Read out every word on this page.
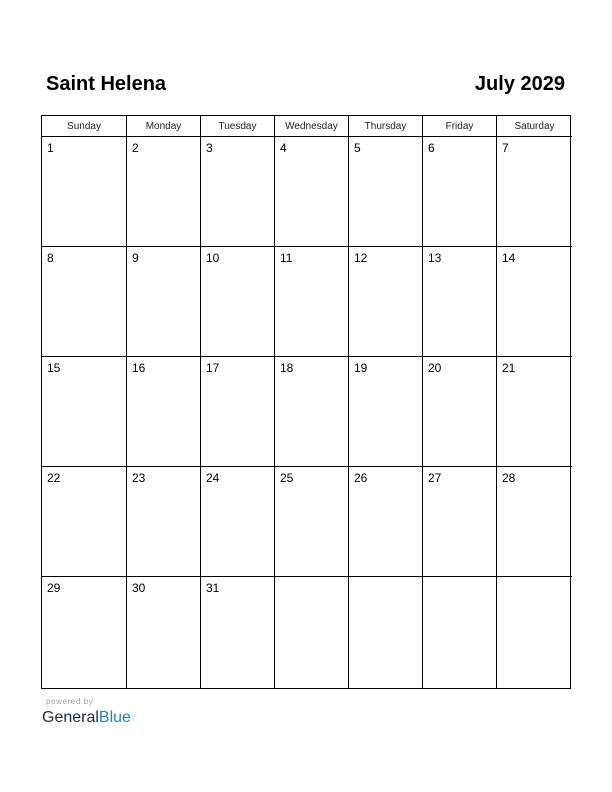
Saint Helena	July 2029
Sunday	Monday	Tuesday	Wednesday	Thursday	Friday	Saturday
1	2	3	4	5	6	7
8	9	10	11	12	13	14
15	16	17	18	19	20	21
22	23	24	25	26	27	28
29	30	31
powered by
GeneralBlue
